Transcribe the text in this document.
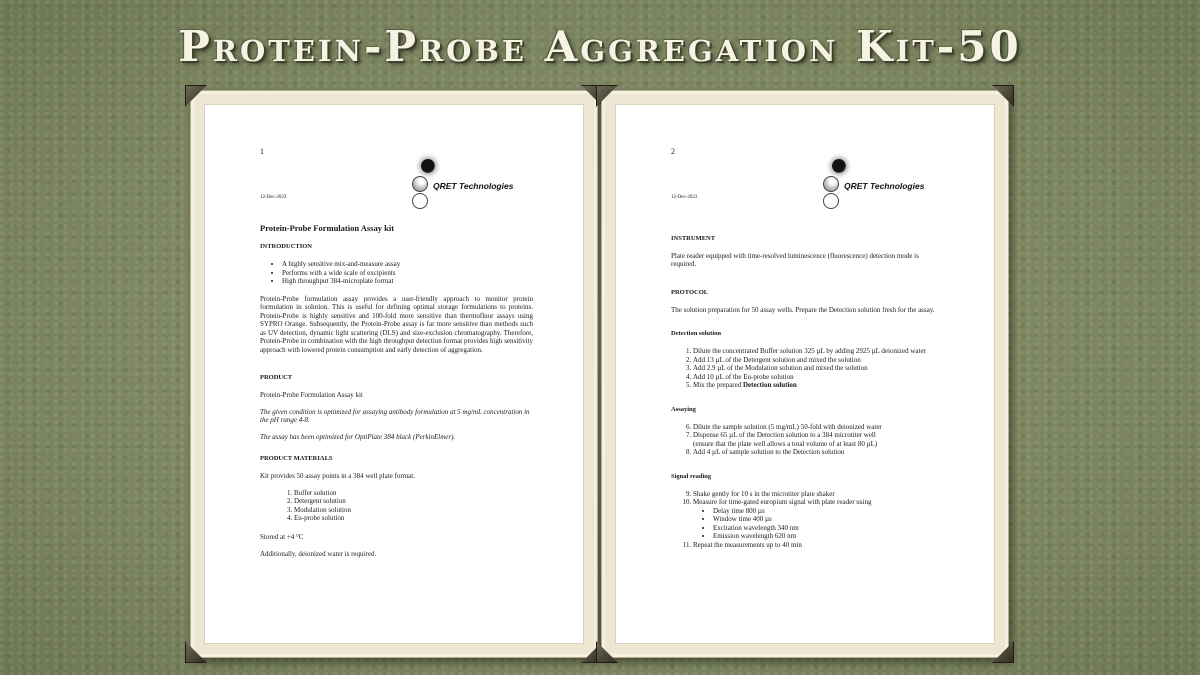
Protein-Probe Aggregation Kit-50
1
12-Dec-2023
QRET Technologies
Protein-Probe Formulation Assay kit
INTRODUCTION
• A highly sensitive mix-and-measure assay
• Performs with a wide scale of excipients
• High throughput 384-microplate format

Protein-Probe formulation assay provides a user-friendly approach to monitor protein formulation in solution. This is useful for defining optimal storage formulations to proteins. Protein-Probe is highly sensitive and 100-fold more sensitive than thermofluor assays using SYPRO Orange. Subsequently, the Protein-Probe assay is far more sensitive than methods such as UV detection, dynamic light scattering (DLS) and size-exclusion chromatography. Therefore, Protein-Probe in combination with the high throughput detection format provides high sensitivity approach with lowered protein consumption and early detection of aggregation.

PRODUCT

Protein-Probe Formulation Assay kit

The given condition is optimized for assaying antibody formulation at 5 mg/mL concentration in the pH range 4-8.

The assay has been optimized for OptiPlate 384 black (PerkinElmer).

PRODUCT MATERIALS

Kit provides 50 assay points in a 384 well plate format.

1. Buffer solution
2. Detergent solution
3. Modulation solution
4. Eu-probe solution

Stored at +4 °C

Additionally, deionized water is required.

2
12-Dec-2023
QRET Technologies
INSTRUMENT

Plate reader equipped with time-resolved luminescence (fluorescence) detection mode is required.

PROTOCOL

The solution preparation for 50 assay wells. Prepare the Detection solution fresh for the assay.

Detection solution
1. Dilute the concentrated Buffer solution 325 µL by adding 2925 µL deionized water
2. Add 13 µL of the Detergent solution and mixed the solution
3. Add 2.9 µL of the Modulation solution and mixed the solution
4. Add 10 µL of the Eu-probe solution
5. Mix the prepared Detection solution
Assaying
6. Dilute the sample solution (5 mg/mL) 50-fold with deionized water
7. Dispense 65 µL of the Detection solution to a 384 microtiter well
(ensure that the plate well allows a total volume of at least 80 µL)
8. Add 4 µL of sample solution to the Detection solution
Signal reading
9. Shake gently for 10 s in the microtiter plate shaker
10. Measure for time-gated europium signal with plate reader using
• Delay time 800 µs
• Window time 400 µs
• Excitation wavelength 340 nm
• Emission wavelength 620 nm
11. Repeat the measurements up to 40 min
